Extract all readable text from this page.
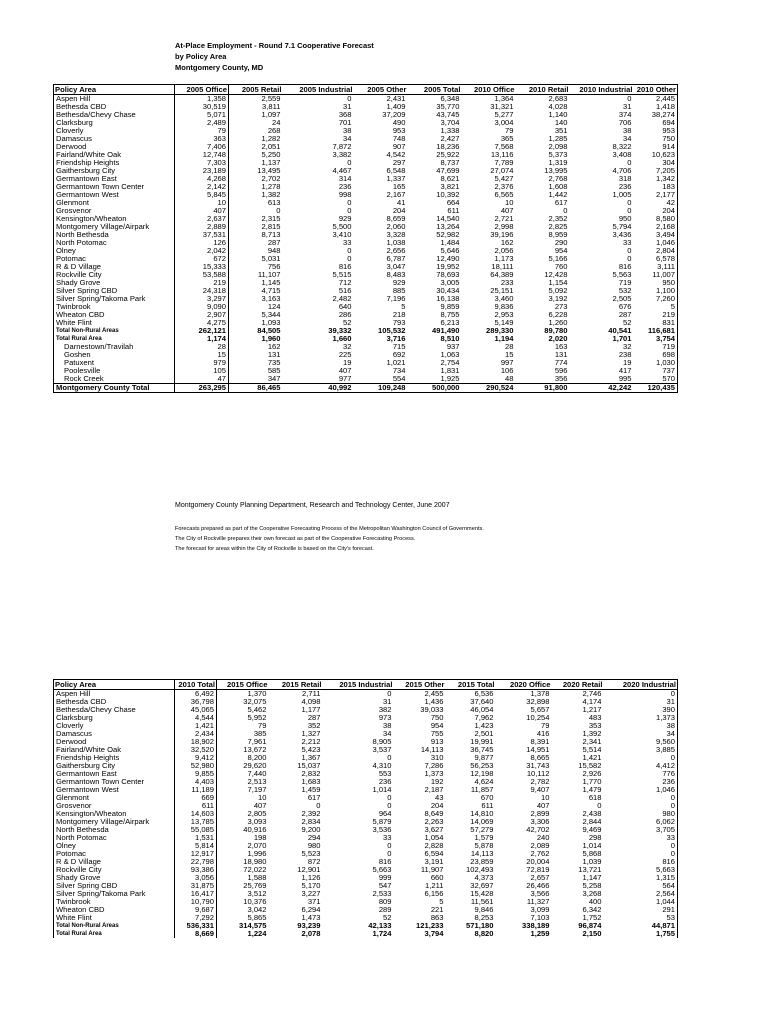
At-Place Employment - Round 7.1 Cooperative Forecast
by Policy Area
Montgomery County, MD
Policy Area	2005 Office	2005 Retail	2005 Industrial	2005 Other	2005 Total	2010 Office	2010 Retail	2010 Industrial	2010 Other
Aspen Hill	1,358	2,559	0	2,431	6,348	1,364	2,683	0	2,445
Bethesda CBD	30,519	3,811	31	1,409	35,770	31,321	4,028	31	1,418
Bethesda/Chevy Chase	5,071	1,097	368	37,209	43,745	5,277	1,140	374	38,274
Clarksburg	2,489	24	701	490	3,704	3,004	140	706	694
Cloverly	79	268	38	953	1,338	79	351	38	953
Damascus	363	1,282	34	748	2,427	365	1,285	34	750
Derwood	7,406	2,051	7,872	907	18,236	7,568	2,098	8,322	914
Fairland/White Oak	12,748	5,250	3,382	4,542	25,922	13,116	5,373	3,408	10,623
Friendship Heights	7,303	1,137	0	297	8,737	7,789	1,319	0	304
Gaithersburg City	23,189	13,495	4,467	6,548	47,699	27,074	13,995	4,706	7,205
Germantown East	4,268	2,702	314	1,337	8,621	5,427	2,768	318	1,342
Germantown Town Center	2,142	1,278	236	165	3,821	2,376	1,608	236	183
Germantown West	5,845	1,382	998	2,167	10,392	6,565	1,442	1,005	2,177
Glenmont	10	613	0	41	664	10	617	0	42
Grosvenor	407	0	0	204	611	407	0	0	204
Kensington/Wheaton	2,637	2,315	929	8,659	14,540	2,721	2,352	950	8,580
Montgomery Village/Airpark	2,889	2,815	5,500	2,060	13,264	2,998	2,825	5,794	2,168
North Bethesda	37,531	8,713	3,410	3,328	52,982	39,196	8,959	3,436	3,494
North Potomac	126	287	33	1,038	1,484	162	290	33	1,046
Olney	2,042	948	0	2,656	5,646	2,056	954	0	2,804
Potomac	672	5,031	0	6,787	12,490	1,173	5,166	0	6,578
R & D Village	15,333	756	816	3,047	19,952	18,111	760	816	3,111
Rockville City	53,588	11,107	5,515	8,483	78,693	64,389	12,428	5,563	11,007
Shady Grove	219	1,145	712	929	3,005	233	1,154	719	950
Silver Spring CBD	24,318	4,715	516	885	30,434	25,151	5,092	532	1,100
Silver Spring/Takoma Park	3,297	3,163	2,482	7,196	16,138	3,460	3,192	2,505	7,260
Twinbrook	9,090	124	640	5	9,859	9,836	273	676	5
Wheaton CBD	2,907	5,344	286	218	8,755	2,953	6,228	287	219
White Flint	4,275	1,093	52	793	6,213	5,149	1,260	52	831
Total Non-Rural Areas	262,121	84,505	39,332	105,532	491,490	289,330	89,780	40,541	116,681
Total Rural Area	1,174	1,960	1,660	3,716	8,510	1,194	2,020	1,701	3,754
Darnestown/Travilah	28	162	32	715	937	28	163	32	719
Goshen	15	131	225	692	1,063	15	131	238	698
Patuxent	979	735	19	1,021	2,754	997	774	19	1,030
Poolesville	105	585	407	734	1,831	106	596	417	737
Rock Creek	47	347	977	554	1,925	48	356	995	570
Montgomery County Total	263,295	86,465	40,992	109,248	500,000	290,524	91,800	42,242	120,435
Montgomery County Planning Department, Research and Technology Center, June 2007
Forecasts prepared as part of the Cooperative Forecasting Process of the Metropolitan Washington Council of Governments.
The City of Rockville prepares their own forecast as part of the Cooperative Forecasting Process.
The forecast for areas within the City of Rockville is based on the City's forecast.
Policy Area	2010 Total	2015 Office	2015 Retail	2015 Industrial	2015 Other	2015 Total	2020 Office	2020 Retail	2020 Industrial
Aspen Hill	6,492	1,370	2,711	0	2,455	6,536	1,378	2,746	0
Bethesda CBD	36,798	32,075	4,098	31	1,436	37,640	32,898	4,174	31
Bethesda/Chevy Chase	45,065	5,462	1,177	382	39,033	46,054	5,657	1,217	390
Clarksburg	4,544	5,952	287	973	750	7,962	10,254	483	1,373
Cloverly	1,421	79	352	38	954	1,423	79	353	38
Damascus	2,434	385	1,327	34	755	2,501	416	1,392	34
Derwood	18,902	7,961	2,212	8,905	913	19,991	8,391	2,341	9,560
Fairland/White Oak	32,520	13,672	5,423	3,537	14,113	36,745	14,951	5,514	3,885
Friendship Heights	9,412	8,200	1,367	0	310	9,877	8,665	1,421	0
Gaithersburg City	52,980	29,620	15,037	4,310	7,286	56,253	31,743	15,582	4,412
Germantown East	9,855	7,440	2,832	553	1,373	12,198	10,112	2,926	776
Germantown Town Center	4,403	2,513	1,683	236	192	4,624	2,782	1,770	236
Germantown West	11,189	7,197	1,459	1,014	2,187	11,857	9,407	1,479	1,046
Glenmont	669	10	617	0	43	670	10	618	0
Grosvenor	611	407	0	0	204	611	407	0	0
Kensington/Wheaton	14,603	2,805	2,392	964	8,649	14,810	2,899	2,438	980
Montgomery Village/Airpark	13,785	3,093	2,834	5,879	2,263	14,069	3,306	2,844	6,062
North Bethesda	55,085	40,916	9,200	3,536	3,627	57,279	42,702	9,469	3,705
North Potomac	1,531	198	294	33	1,054	1,579	240	298	33
Olney	5,814	2,070	980	0	2,828	5,878	2,089	1,014	0
Potomac	12,917	1,996	5,523	0	6,594	14,113	2,762	5,868	0
R & D Village	22,798	18,980	872	816	3,191	23,859	20,004	1,039	816
Rockville City	93,386	72,022	12,901	5,663	11,907	102,493	72,819	13,721	5,663
Shady Grove	3,056	1,588	1,126	999	660	4,373	2,657	1,147	1,315
Silver Spring CBD	31,875	25,769	5,170	547	1,211	32,697	26,466	5,258	564
Silver Spring/Takoma Park	16,417	3,512	3,227	2,533	6,156	15,428	3,566	3,268	2,564
Twinbrook	10,790	10,376	371	809	5	11,561	11,327	400	1,044
Wheaton CBD	9,687	3,042	6,294	289	221	9,846	3,099	6,342	291
White Flint	7,292	5,865	1,473	52	863	8,253	7,103	1,752	53
Total Non-Rural Areas	536,331	314,575	93,239	42,133	121,233	571,180	338,189	96,874	44,871
Total Rural Area	8,669	1,224	2,078	1,724	3,794	8,820	1,259	2,150	1,755
